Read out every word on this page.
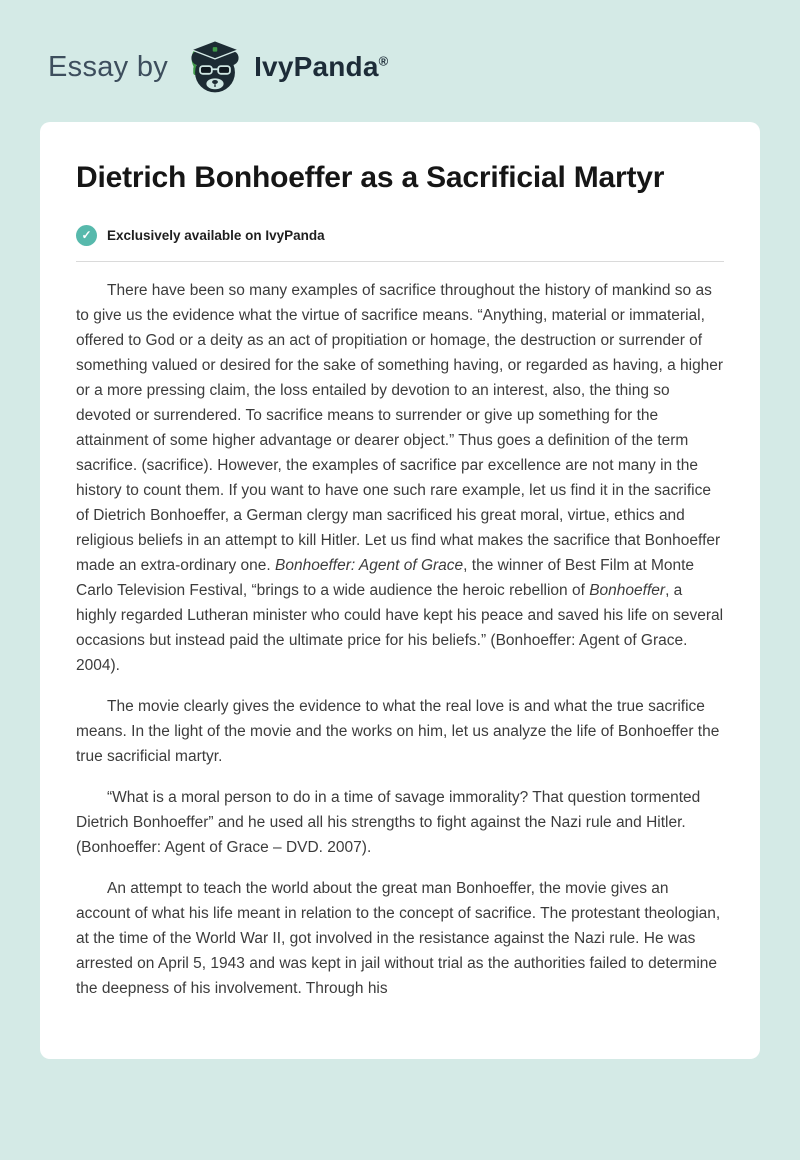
Essay by	IvyPanda®
Dietrich Bonhoeffer as a Sacrificial Martyr
✓	Exclusively available on IvyPanda

There have been so many examples of sacrifice throughout the history of mankind so as to give us the evidence what the virtue of sacrifice means. “Anything, material or immaterial, offered to God or a deity as an act of propitiation or homage, the destruction or surrender of something valued or desired for the sake of something having, or regarded as having, a higher or a more pressing claim, the loss entailed by devotion to an interest, also, the thing so devoted or surrendered. To sacrifice means to surrender or give up something for the attainment of some higher advantage or dearer object.” Thus goes a definition of the term sacrifice. (sacrifice). However, the examples of sacrifice par excellence are not many in the history to count them. If you want to have one such rare example, let us find it in the sacrifice of Dietrich Bonhoeffer, a German clergy man sacrificed his great moral, virtue, ethics and religious beliefs in an attempt to kill Hitler. Let us find what makes the sacrifice that Bonhoeffer made an extra-ordinary one. Bonhoeffer: Agent of Grace, the winner of Best Film at Monte Carlo Television Festival, “brings to a wide audience the heroic rebellion of Bonhoeffer, a highly regarded Lutheran minister who could have kept his peace and saved his life on several occasions but instead paid the ultimate price for his beliefs.” (Bonhoeffer: Agent of Grace. 2004).

The movie clearly gives the evidence to what the real love is and what the true sacrifice means. In the light of the movie and the works on him, let us analyze the life of Bonhoeffer the true sacrificial martyr.

“What is a moral person to do in a time of savage immorality? That question tormented Dietrich Bonhoeffer” and he used all his strengths to fight against the Nazi rule and Hitler. (Bonhoeffer: Agent of Grace – DVD. 2007).

An attempt to teach the world about the great man Bonhoeffer, the movie gives an account of what his life meant in relation to the concept of sacrifice. The protestant theologian, at the time of the World War II, got involved in the resistance against the Nazi rule. He was arrested on April 5, 1943 and was kept in jail without trial as the authorities failed to determine the deepness of his involvement. Through his
